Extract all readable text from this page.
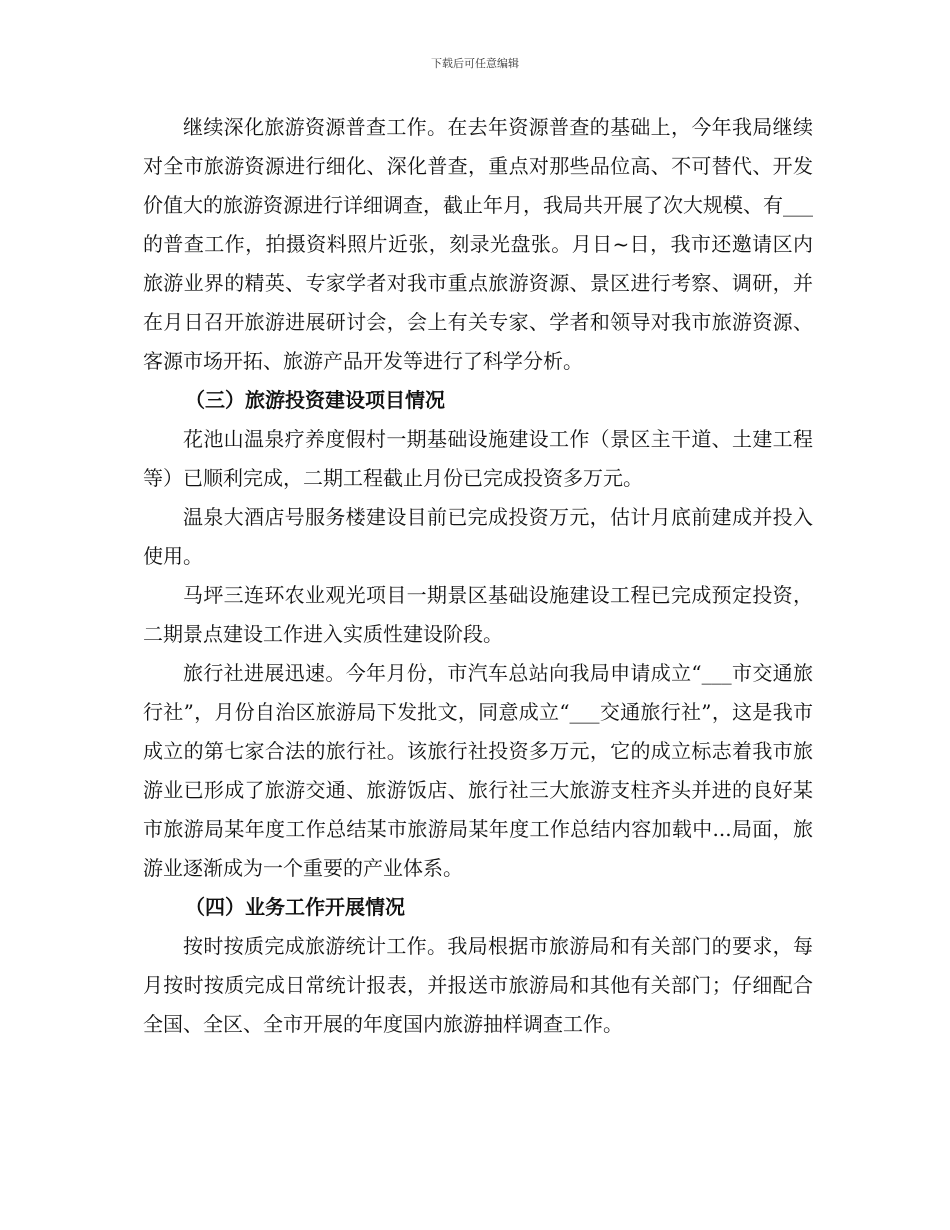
下载后可任意编辑

继续深化旅游资源普查工作。在去年资源普查的基础上，今年我局继续对全市旅游资源进行细化、深化普查，重点对那些品位高、不可替代、开发价值大的旅游资源进行详细调查，截止年月，我局共开展了次大规模、有___的普查工作，拍摄资料照片近张，刻录光盘张。月日~日，我市还邀请区内旅游业界的精英、专家学者对我市重点旅游资源、景区进行考察、调研，并在月日召开旅游进展研讨会，会上有关专家、学者和领导对我市旅游资源、客源市场开拓、旅游产品开发等进行了科学分析。

（三）旅游投资建设项目情况

花池山温泉疗养度假村一期基础设施建设工作（景区主干道、土建工程等）已顺利完成，二期工程截止月份已完成投资多万元。

温泉大酒店号服务楼建设目前已完成投资万元，估计月底前建成并投入使用。

马坪三连环农业观光项目一期景区基础设施建设工程已完成预定投资，二期景点建设工作进入实质性建设阶段。

旅行社进展迅速。今年月份，市汽车总站向我局申请成立“___市交通旅行社”，月份自治区旅游局下发批文，同意成立“___交通旅行社”，这是我市成立的第七家合法的旅行社。该旅行社投资多万元，它的成立标志着我市旅游业已形成了旅游交通、旅游饭店、旅行社三大旅游支柱齐头并进的良好某市旅游局某年度工作总结某市旅游局某年度工作总结内容加载中...局面，旅游业逐渐成为一个重要的产业体系。

（四）业务工作开展情况

按时按质完成旅游统计工作。我局根据市旅游局和有关部门的要求，每月按时按质完成日常统计报表，并报送市旅游局和其他有关部门；仔细配合全国、全区、全市开展的年度国内旅游抽样调查工作。
